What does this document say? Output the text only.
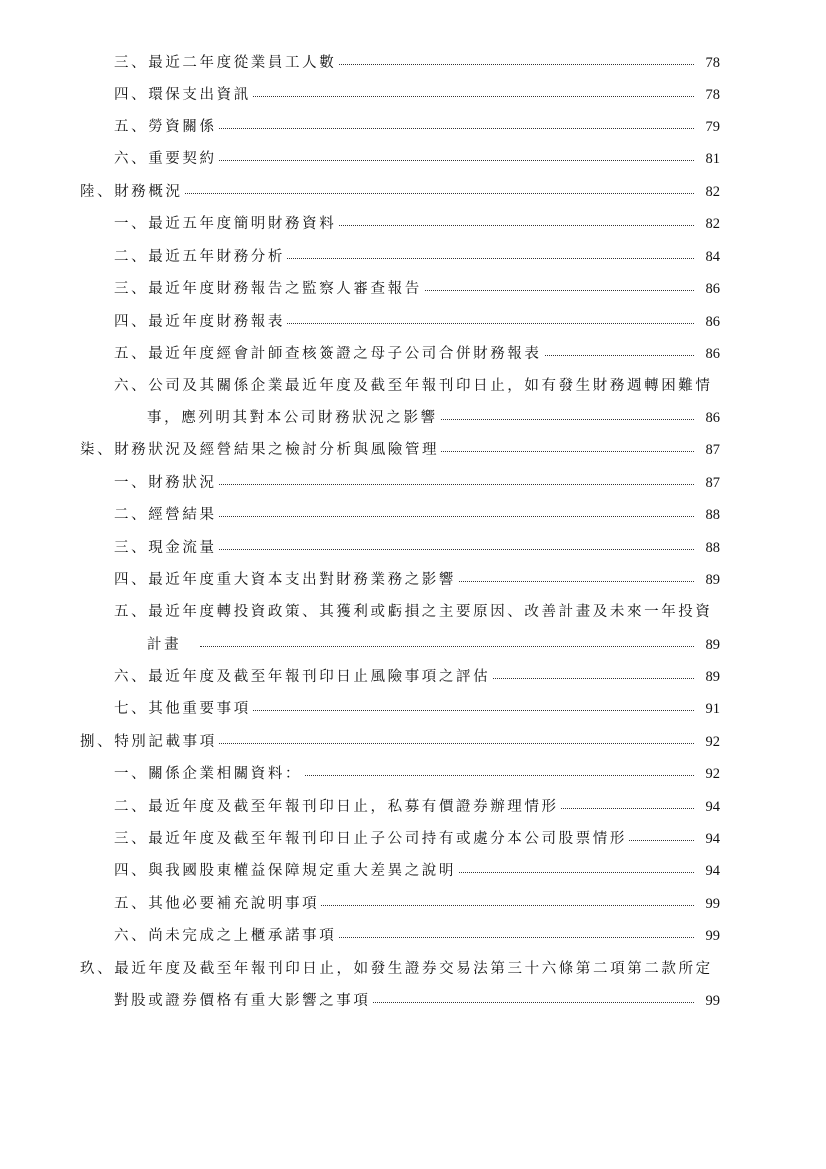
三、最近二年度從業員工人數	78
四、環保支出資訊	78
五、勞資關係	79
六、重要契約	81
陸、財務概況	82
一、最近五年度簡明財務資料	82
二、最近五年財務分析	84
三、最近年度財務報告之監察人審查報告	86
四、最近年度財務報表	86
五、最近年度經會計師查核簽證之母子公司合併財務報表	86
六、公司及其關係企業最近年度及截至年報刊印日止，如有發生財務週轉困難情
事，應列明其對本公司財務狀況之影響	86
柒、財務狀況及經營結果之檢討分析與風險管理	87
一、財務狀況	87
二、經營結果	88
三、現金流量	88
四、最近年度重大資本支出對財務業務之影響	89
五、最近年度轉投資政策、其獲利或虧損之主要原因、改善計畫及未來一年投資
計畫	89
六、最近年度及截至年報刊印日止風險事項之評估	89
七、其他重要事項	91
捌、特別記載事項	92
一、關係企業相關資料：	92
二、最近年度及截至年報刊印日止，私募有價證券辦理情形	94
三、最近年度及截至年報刊印日止子公司持有或處分本公司股票情形	94
四、與我國股東權益保障規定重大差異之說明	94
五、其他必要補充說明事項	99
六、尚未完成之上櫃承諾事項	99
玖、最近年度及截至年報刊印日止，如發生證券交易法第三十六條第二項第二款所定
對股或證券價格有重大影響之事項	99
